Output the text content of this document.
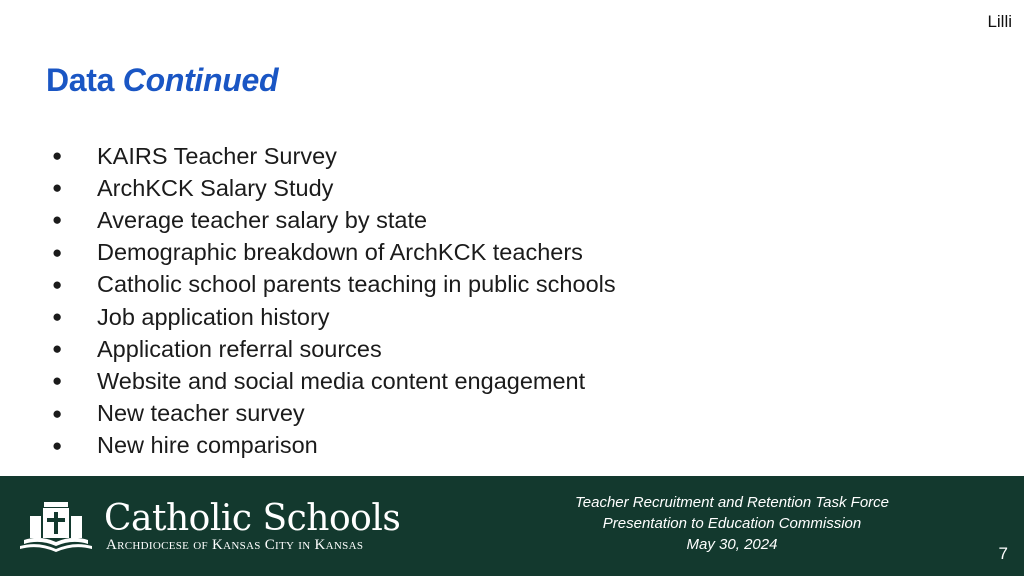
Lilli
Data Continued
●	KAIRS Teacher Survey
●	ArchKCK Salary Study
●	Average teacher salary by state
●	Demographic breakdown of ArchKCK teachers
●	Catholic school parents teaching in public schools
●	Job application history
●	Application referral sources
●	Website and social media content engagement
●	New teacher survey
●	New hire comparison
Catholic Schools
Archdiocese of Kansas City in Kansas
Teacher Recruitment and Retention Task Force
Presentation to Education Commission
May 30, 2024	7
